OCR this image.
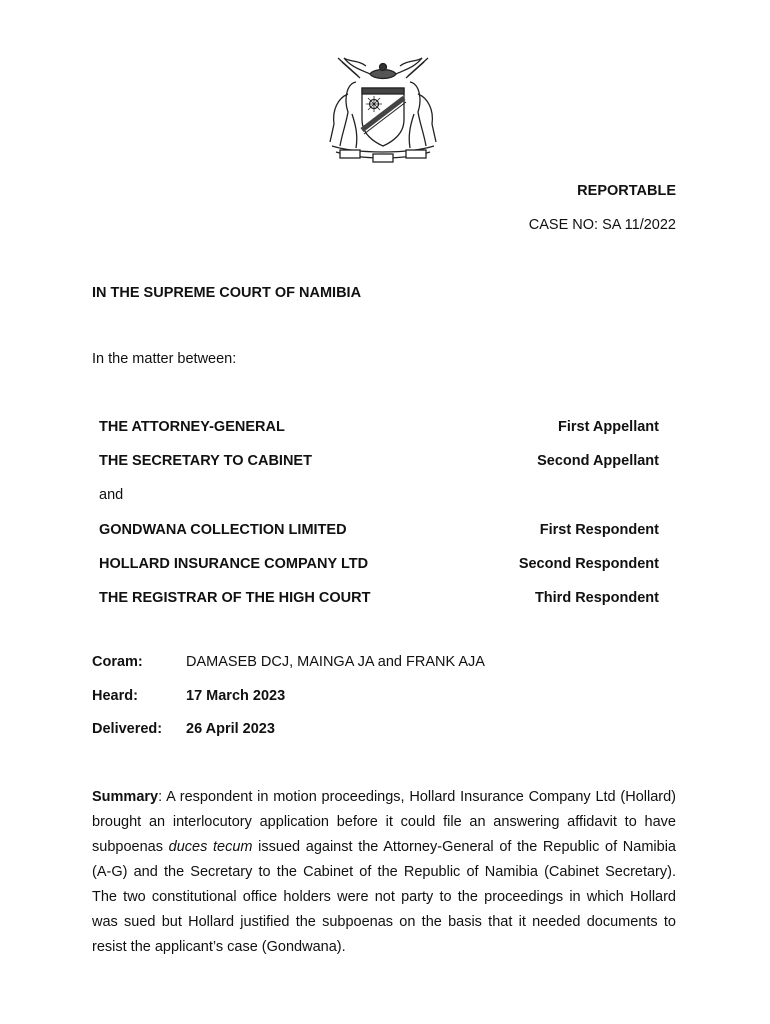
REPORTABLE
CASE NO: SA 11/2022
IN THE SUPREME COURT OF NAMIBIA
In the matter between:
THE ATTORNEY-GENERAL	First Appellant
THE SECRETARY TO CABINET	Second Appellant
and
GONDWANA COLLECTION LIMITED	First Respondent
HOLLARD INSURANCE COMPANY LTD	Second Respondent
THE REGISTRAR OF THE HIGH COURT	Third Respondent
Coram:	DAMASEB DCJ, MAINGA JA and FRANK AJA
Heard:	17 March 2023
Delivered: 26 April 2023
Summary: A respondent in motion proceedings, Hollard Insurance Company Ltd (Hollard) brought an interlocutory application before it could file an answering affidavit to have subpoenas duces tecum issued against the Attorney-General of the Republic of Namibia (A-G) and the Secretary to the Cabinet of the Republic of Namibia (Cabinet Secretary). The two constitutional office holders were not party to the proceedings in which Hollard was sued but Hollard justified the subpoenas on the basis that it needed documents to resist the applicant’s case (Gondwana).
